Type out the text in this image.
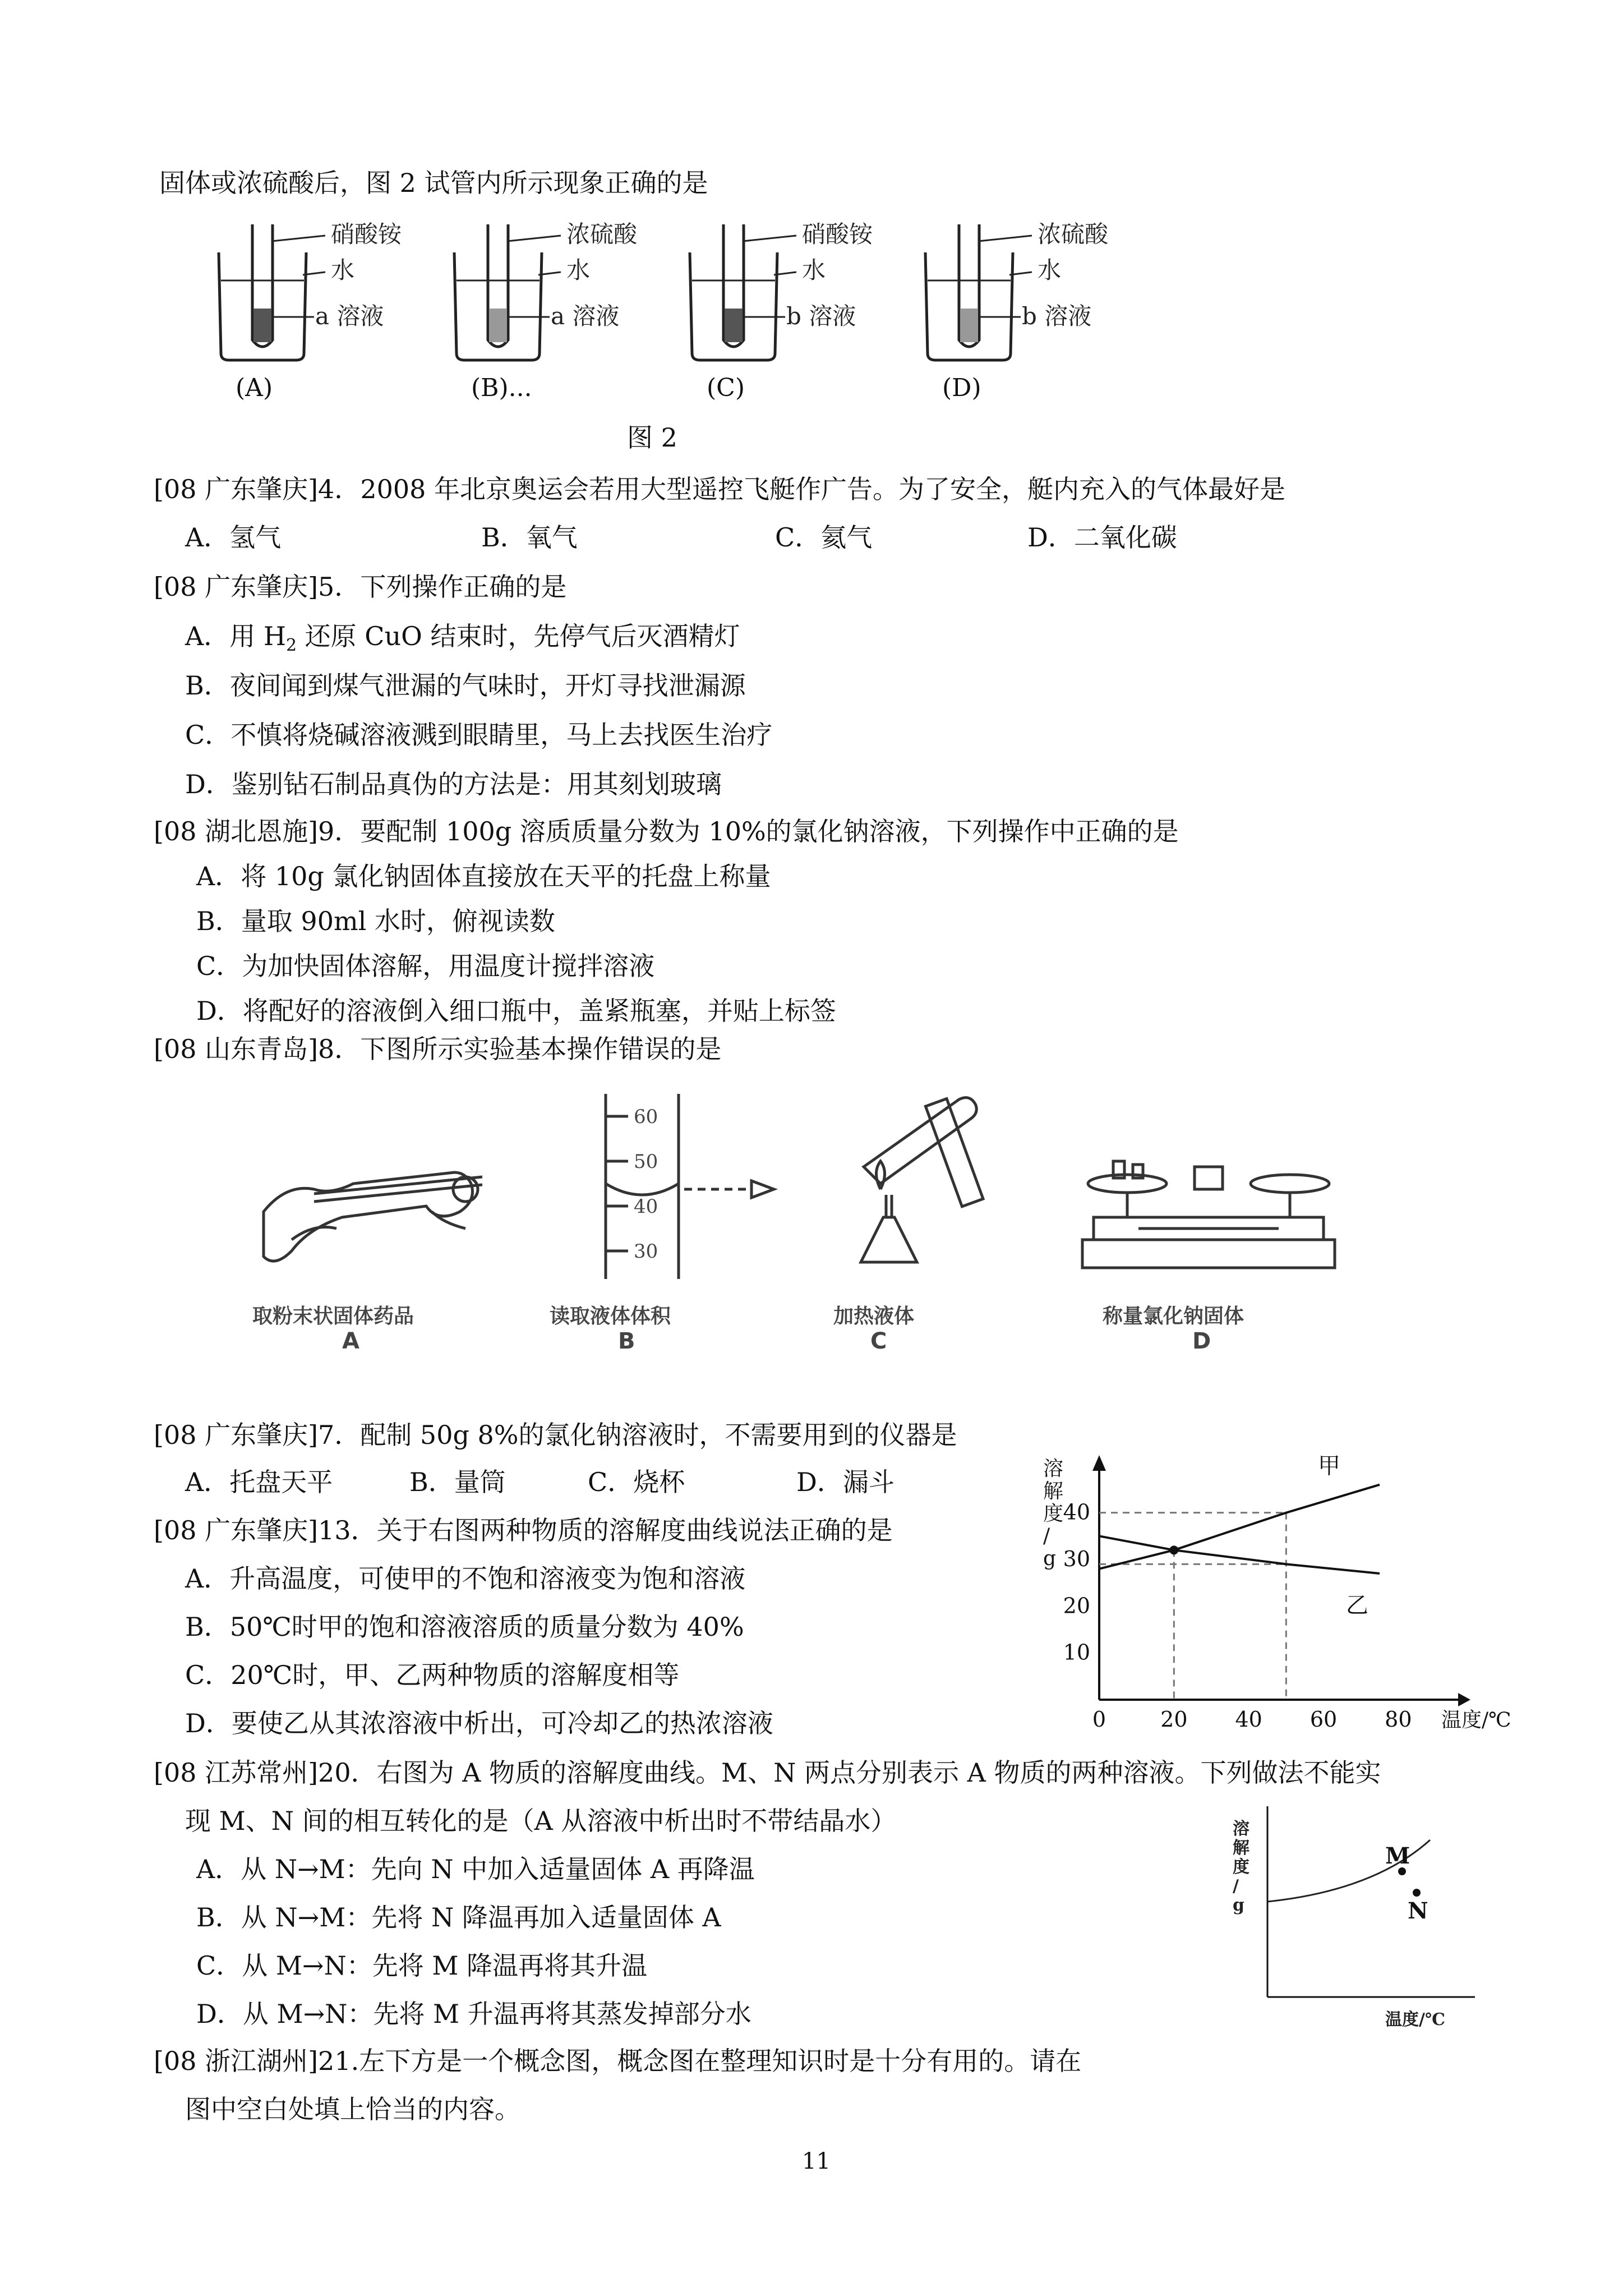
固体或浓硫酸后，图 2 试管内所示现象正确的是
硝酸铵
水
a 溶液
(A)
浓硫酸
水
a 溶液
(B)...
硝酸铵
水
b 溶液
(C)
浓硫酸
水
b 溶液
(D)
图 2
[08 广东肇庆]4．2008 年北京奥运会若用大型遥控飞艇作广告。为了安全，艇内充入的气体最好是
A．氢气	B．氧气	C．氦气	D．二氧化碳
[08 广东肇庆]5．下列操作正确的是
A．用 $H_2$ 还原 CuO 结束时，先停气后灭酒精灯
B．夜间闻到煤气泄漏的气味时，开灯寻找泄漏源
C．不慎将烧碱溶液溅到眼睛里，马上去找医生治疗
D．鉴别钻石制品真伪的方法是：用其刻划玻璃
[08 湖北恩施]9．要配制 100g 溶质质量分数为 10%的氯化钠溶液，下列操作中正确的是
A．将 10g 氯化钠固体直接放在天平的托盘上称量
B．量取 90ml 水时，俯视读数
C．为加快固体溶解，用温度计搅拌溶液
D．将配好的溶液倒入细口瓶中，盖紧瓶塞，并贴上标签
[08 山东青岛]8．下图所示实验基本操作错误的是
取粉末状固体药品
A
60
50
40
30
读取液体体积
B
加热液体
C
称量氯化钠固体
D
[08 广东肇庆]7．配制 50g 8%的氯化钠溶液时，不需要用到的仪器是
A．托盘天平	B．量筒	C．烧杯	D．漏斗
[08 广东肇庆]13．关于右图两种物质的溶解度曲线说法正确的是
A．升高温度，可使甲的不饱和溶液变为饱和溶液
B．50℃时甲的饱和溶液溶质的质量分数为 40%
C．20℃时，甲、乙两种物质的溶解度相等
D．要使乙从其浓溶液中析出，可冷却乙的热浓溶液	0	20 40 60 80
10
20
30
40
溶解度/ g
温度/℃
甲
乙
[08 江苏常州]20．右图为 A 物质的溶解度曲线。M、N 两点分别表示 A 物质的两种溶液。下列做法不能实
现 M、N 间的相互转化的是（A 从溶液中析出时不带结晶水）
A．从 N→M：先向 N 中加入适量固体 A 再降温
B．从 N→M：先将 N 降温再加入适量固体 A
C．从 M→N：先将 M 降温再将其升温
D．从 M→N：先将 M 升温再将其蒸发掉部分水
溶解度/ g
温度/℃
M
N
[08 浙江湖州]21.左下方是一个概念图，概念图在整理知识时是十分有用的。请在
图中空白处填上恰当的内容。
11
